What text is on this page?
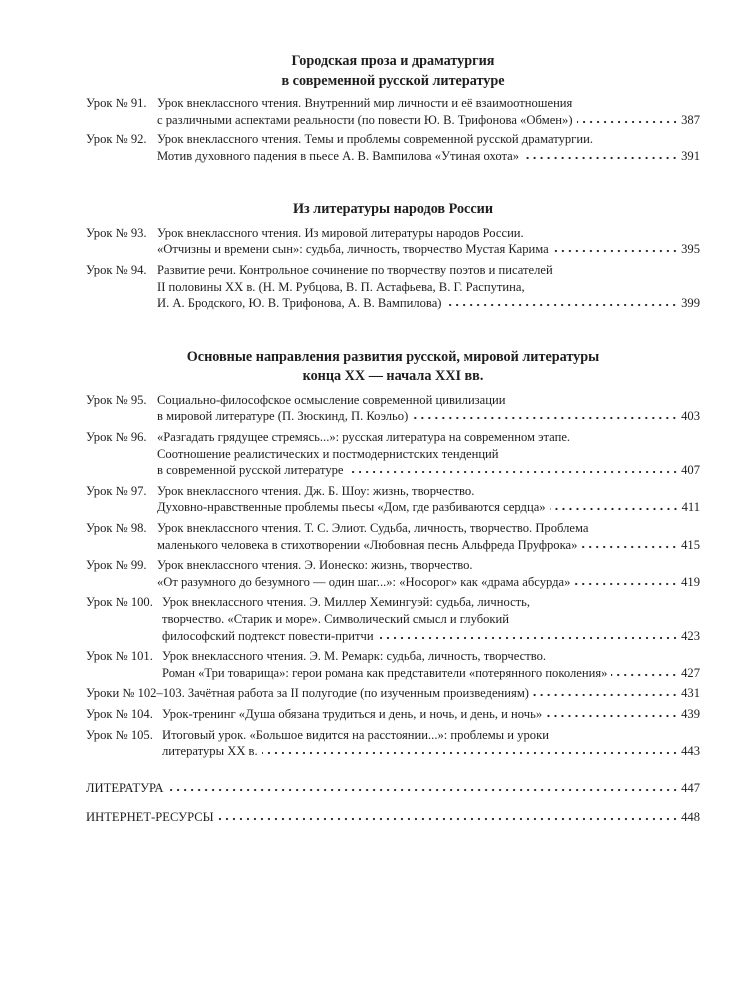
Городская проза и драматургия
в современной русской литературе
Урок № 91. Урок внеклассного чтения. Внутренний мир личности и её взаимоотношения
с различными аспектами реальности (по повести Ю. В. Трифонова «Обмен»)	387
Урок № 92. Урок внеклассного чтения. Темы и проблемы современной русской драматургии.
Мотив духовного падения в пьесе А. В. Вампилова «Утиная охота»	391
Из литературы народов России
Урок № 93. Урок внеклассного чтения. Из мировой литературы народов России.
«Отчизны и времени сын»: судьба, личность, творчество Мустая Карима	395
Урок № 94. Развитие речи. Контрольное сочинение по творчеству поэтов и писателей
II половины XX в. (Н. М. Рубцова, В. П. Астафьева, В. Г. Распутина,
И. А. Бродского, Ю. В. Трифонова, А. В. Вампилова)	399
Основные направления развития русской, мировой литературы
конца XX — начала XXI вв.
Урок № 95. Социально-философское осмысление современной цивилизации
в мировой литературе (П. Зюскинд, П. Коэльо)	403
Урок № 96. «Разгадать грядущее стремясь...»: русская литература на современном этапе.
Соотношение реалистических и постмодернистских тенденций
в современной русской литературе	407
Урок № 97. Урок внеклассного чтения. Дж. Б. Шоу: жизнь, творчество.
Духовно-нравственные проблемы пьесы «Дом, где разбиваются сердца»	411
Урок № 98. Урок внеклассного чтения. Т. С. Элиот. Судьба, личность, творчество. Проблема
маленького человека в стихотворении «Любовная песнь Альфреда Пруфрока»	415
Урок № 99. Урок внеклассного чтения. Э. Ионеско: жизнь, творчество.
«От разумного до безумного — один шаг...»: «Носорог» как «драма абсурда»	419
Урок № 100. Урок внеклассного чтения. Э. Миллер Хемингуэй: судьба, личность,
творчество. «Старик и море». Символический смысл и глубокий
философский подтекст повести-притчи	423
Урок № 101. Урок внеклассного чтения. Э. М. Ремарк: судьба, личность, творчество.
Роман «Три товарища»: герои романа как представители «потерянного поколения»	427
Уроки № 102–103. Зачётная работа за II полугодие (по изученным произведениям)	431
Урок № 104. Урок-тренинг «Душа обязана трудиться и день, и ночь, и день, и ночь»	439
Урок № 105. Итоговый урок. «Большое видится на расстоянии...»: проблемы и уроки
литературы XX в.	443
ЛИТЕРАТУРА	447
ИНТЕРНЕТ-РЕСУРСЫ	448
